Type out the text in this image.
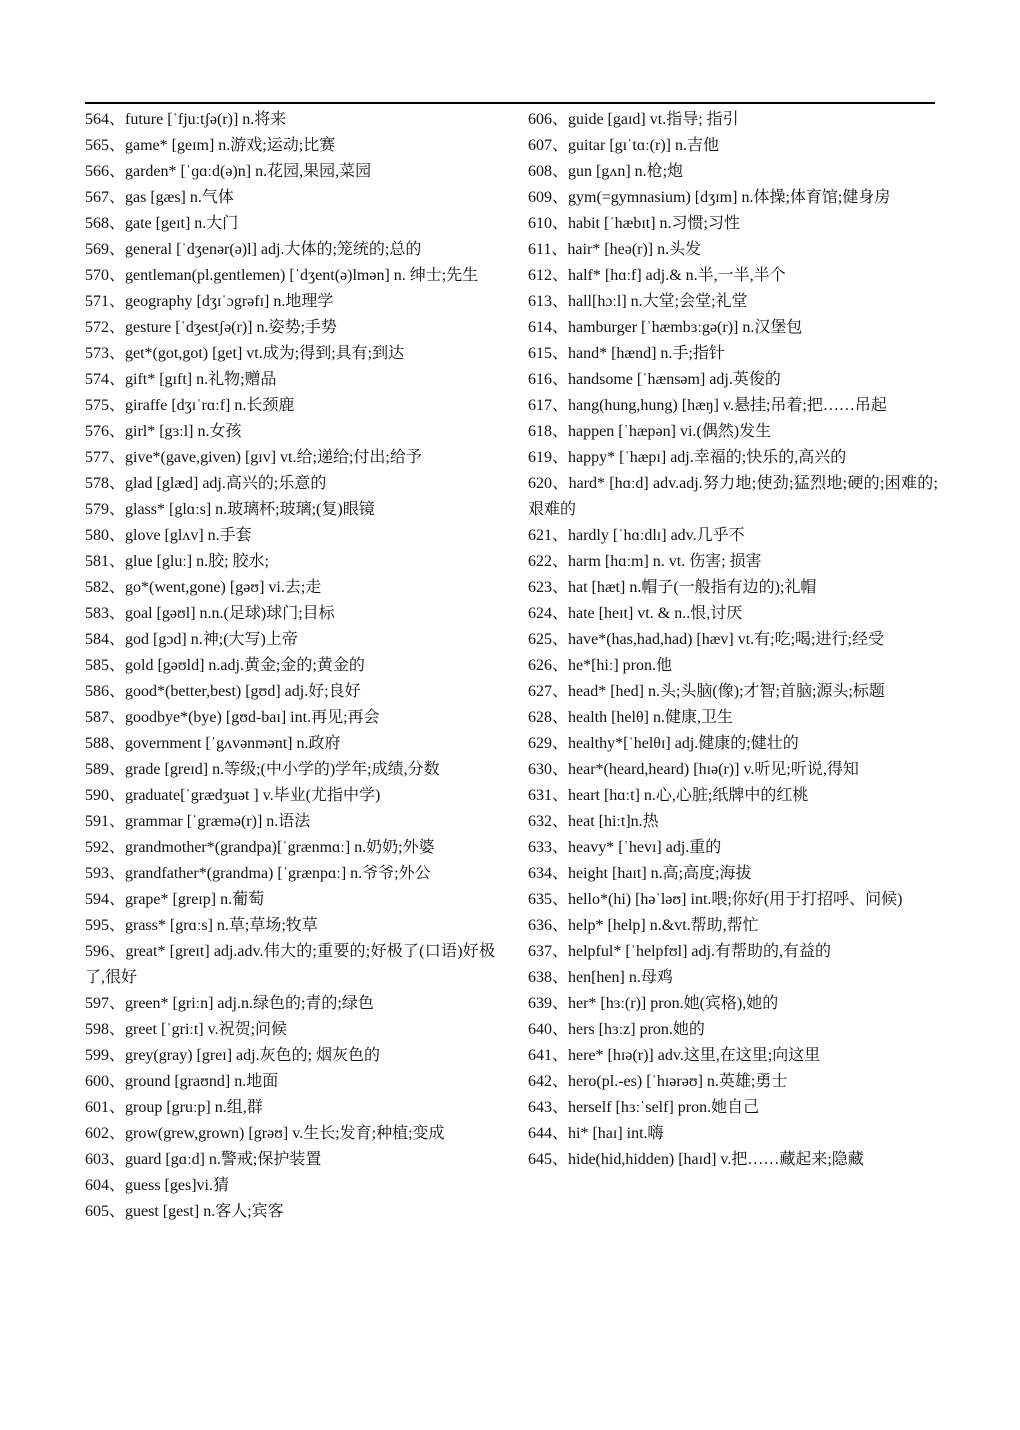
564、future [ˈfjuːtʃə(r)] n.将来
565、game* [geɪm] n.游戏;运动;比赛
566、garden* [ˈɡɑːd(ə)n] n.花园,果园,菜园
567、gas [gæs] n.气体
568、gate [geɪt] n.大门
569、general [ˈdʒenər(ə)l] adj.大体的;笼统的;总的
570、gentleman(pl.gentlemen) [ˈdʒent(ə)lmən] n. 绅士;先生
571、geography [dʒɪˈɔgrəfɪ] n.地理学
572、gesture [ˈdʒestʃə(r)] n.姿势;手势
573、get*(got,got) [get] vt.成为;得到;具有;到达
574、gift* [gɪft] n.礼物;赠品
575、giraffe [dʒɪˈrɑːf] n.长颈鹿
576、girl* [gɜːl] n.女孩
577、give*(gave,given) [gɪv] vt.给;递给;付出;给予
578、glad [glæd] adj.高兴的;乐意的
579、glass* [glɑːs] n.玻璃杯;玻璃;(复)眼镜
580、glove [glʌv] n.手套
581、glue [gluː] n.胶; 胶水;
582、go*(went,gone) [gəʊ] vi.去;走
583、goal [gəʊl] n.n.(足球)球门;目标
584、god [gɔd] n.神;(大写)上帝
585、gold [gəʊld] n.adj.黄金;金的;黄金的
586、good*(better,best) [gʊd] adj.好;良好
587、goodbye*(bye) [gʊd-baɪ] int.再见;再会
588、government [ˈgʌvənmənt] n.政府
589、grade [greɪd] n.等级;(中小学的)学年;成绩,分数
590、graduate[ˈgrædʒuət ] v.毕业(尤指中学)
591、grammar [ˈgræmə(r)] n.语法
592、grandmother*(grandpa)[ˈgrænmɑː] n.奶奶;外婆
593、grandfather*(grandma) [ˈgrænpɑː] n.爷爷;外公
594、grape* [greɪp] n.葡萄
595、grass* [grɑːs] n.草;草场;牧草
596、great* [greɪt] adj.adv.伟大的;重要的;好极了(口语)好极了,很好
597、green* [griːn] adj.n.绿色的;青的;绿色
598、greet [ˈgriːt] v.祝贺;问候
599、grey(gray) [greɪ] adj.灰色的; 烟灰色的
600、ground [graʊnd] n.地面
601、group [gruːp] n.组,群
602、grow(grew,grown) [grəʊ] v.生长;发育;种植;变成
603、guard [gɑːd] n.警戒;保护装置
604、guess [ges]vi.猜
605、guest [gest] n.客人;宾客
606、guide [gaɪd] vt.指导; 指引
607、guitar [gɪˈtɑː(r)] n.吉他
608、gun [gʌn] n.枪;炮
609、gym(=gymnasium) [dʒɪm] n.体操;体育馆;健身房
610、habit [ˈhæbɪt] n.习惯;习性
611、hair* [heə(r)] n.头发
612、half* [hɑːf] adj.& n.半,一半,半个
613、hall[hɔːl] n.大堂;会堂;礼堂
614、hamburger [ˈhæmbɜːgə(r)] n.汉堡包
615、hand* [hænd] n.手;指针
616、handsome [ˈhænsəm] adj.英俊的
617、hang(hung,hung) [hæŋ] v.悬挂;吊着;把……吊起
618、happen [ˈhæpən] vi.(偶然)发生
619、happy* [ˈhæpɪ] adj.幸福的;快乐的,高兴的
620、hard* [hɑːd] adv.adj.努力地;使劲;猛烈地;硬的;困难的;艰难的
621、hardly [ˈhɑːdlɪ] adv.几乎不
622、harm [hɑːm] n. vt. 伤害; 损害
623、hat [hæt] n.帽子(一般指有边的);礼帽
624、hate [heɪt] vt. & n..恨,讨厌
625、have*(has,had,had) [hæv] vt.有;吃;喝;进行;经受
626、he*[hiː] pron.他
627、head* [hed] n.头;头脑(像);才智;首脑;源头;标题
628、health [helθ] n.健康,卫生
629、healthy*[ˈhelθɪ] adj.健康的;健壮的
630、hear*(heard,heard) [hɪə(r)] v.听见;听说,得知
631、heart [hɑːt] n.心,心脏;纸牌中的红桃
632、heat [hiːt]n.热
633、heavy* [ˈhevɪ] adj.重的
634、height [haɪt] n.高;高度;海拔
635、hello*(hi) [həˈləʊ] int.喂;你好(用于打招呼、问候)
636、help* [help] n.&vt.帮助,帮忙
637、helpful* [ˈhelpfʊl] adj.有帮助的,有益的
638、hen[hen] n.母鸡
639、her* [hɜː(r)] pron.她(宾格),她的
640、hers [hɜːz] pron.她的
641、here* [hɪə(r)] adv.这里,在这里;向这里
642、hero(pl.-es) [ˈhɪərəʊ] n.英雄;勇士
643、herself [hɜːˈself] pron.她自己
644、hi* [haɪ] int.嗨
645、hide(hid,hidden) [haɪd] v.把……藏起来;隐藏
